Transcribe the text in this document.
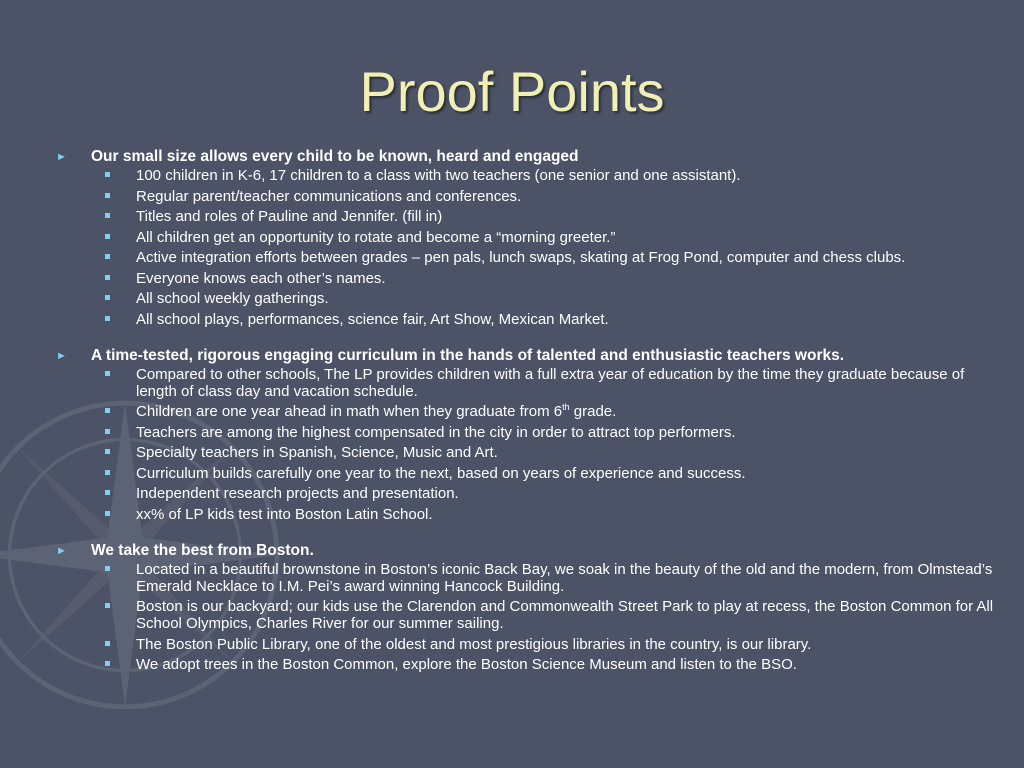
Proof Points
► Our small size allows every child to be known, heard and engaged
100 children in K-6, 17 children to a class with two teachers (one senior and one assistant).
Regular parent/teacher communications and conferences.
Titles and roles of Pauline and Jennifer. (fill in)
All children get an opportunity to rotate and become a “morning greeter.”
Active integration efforts between grades – pen pals, lunch swaps, skating at Frog Pond, computer and chess clubs.
Everyone knows each other’s names.
All school weekly gatherings.
All school plays, performances, science fair, Art Show, Mexican Market.
► A time-tested, rigorous engaging curriculum in the hands of talented and enthusiastic teachers works.
Compared to other schools, The LP provides children with a full extra year of education by the time they graduate because of length of class day and vacation schedule.
Children are one year ahead in math when they graduate from 6th grade.
Teachers are among the highest compensated in the city in order to attract top performers.
Specialty teachers in Spanish, Science, Music and Art.
Curriculum builds carefully one year to the next, based on years of experience and success.
Independent research projects and presentation.
xx% of LP kids test into Boston Latin School.
► We take the best from Boston.
Located in a beautiful brownstone in Boston’s iconic Back Bay, we soak in the beauty of the old and the modern, from Olmstead’s Emerald Necklace to I.M. Pei’s award winning Hancock Building.
Boston is our backyard; our kids use the Clarendon and Commonwealth Street Park to play at recess, the Boston Common for All School Olympics, Charles River for our summer sailing.
The Boston Public Library, one of the oldest and most prestigious libraries in the country, is our library.
We adopt trees in the Boston Common, explore the Boston Science Museum and listen to the BSO.
